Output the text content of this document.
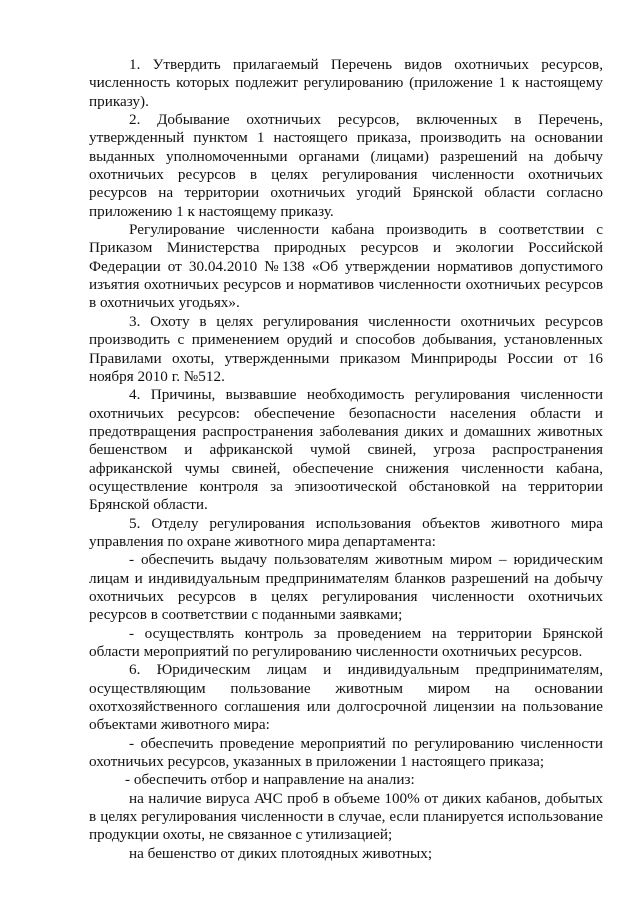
1. Утвердить прилагаемый Перечень видов охотничьих ресурсов, численность которых подлежит регулированию (приложение 1 к настоящему приказу).

2. Добывание охотничьих ресурсов, включенных в Перечень, утвержденный пунктом 1 настоящего приказа, производить на основании выданных уполномоченными органами (лицами) разрешений на добычу охотничьих ресурсов в целях регулирования численности охотничьих ресурсов на территории охотничьих угодий Брянской области согласно приложению 1 к настоящему приказу.

Регулирование численности кабана производить в соответствии с Приказом Министерства природных ресурсов и экологии Российской Федерации от 30.04.2010 №138 «Об утверждении нормативов допустимого изъятия охотничьих ресурсов и нормативов численности охотничьих ресурсов в охотничьих угодьях».

3. Охоту в целях регулирования численности охотничьих ресурсов производить с применением орудий и способов добывания, установленных Правилами охоты, утвержденными приказом Минприроды России от 16 ноября 2010 г. №512.

4. Причины, вызвавшие необходимость регулирования численности охотничьих ресурсов: обеспечение безопасности населения области и предотвращения распространения заболевания диких и домашних животных бешенством и африканской чумой свиней, угроза распространения африканской чумы свиней, обеспечение снижения численности кабана, осуществление контроля за эпизоотической обстановкой на территории Брянской области.

5. Отделу регулирования использования объектов животного мира управления по охране животного мира департамента:

- обеспечить выдачу пользователям животным миром – юридическим лицам и индивидуальным предпринимателям бланков разрешений на добычу охотничьих ресурсов в целях регулирования численности охотничьих ресурсов в соответствии с поданными заявками;

- осуществлять контроль за проведением на территории Брянской области мероприятий по регулированию численности охотничьих ресурсов.

6. Юридическим лицам и индивидуальным предпринимателям, осуществляющим пользование животным миром на основании охотхозяйственного соглашения или долгосрочной лицензии на пользование объектами животного мира:

- обеспечить проведение мероприятий по регулированию численности охотничьих ресурсов, указанных в приложении 1 настоящего приказа;

- обеспечить отбор и направление на анализ:

на наличие вируса АЧС проб в объеме 100% от диких кабанов, добытых в целях регулирования численности в случае, если планируется использование продукции охоты, не связанное с утилизацией;

на бешенство от диких плотоядных животных;
